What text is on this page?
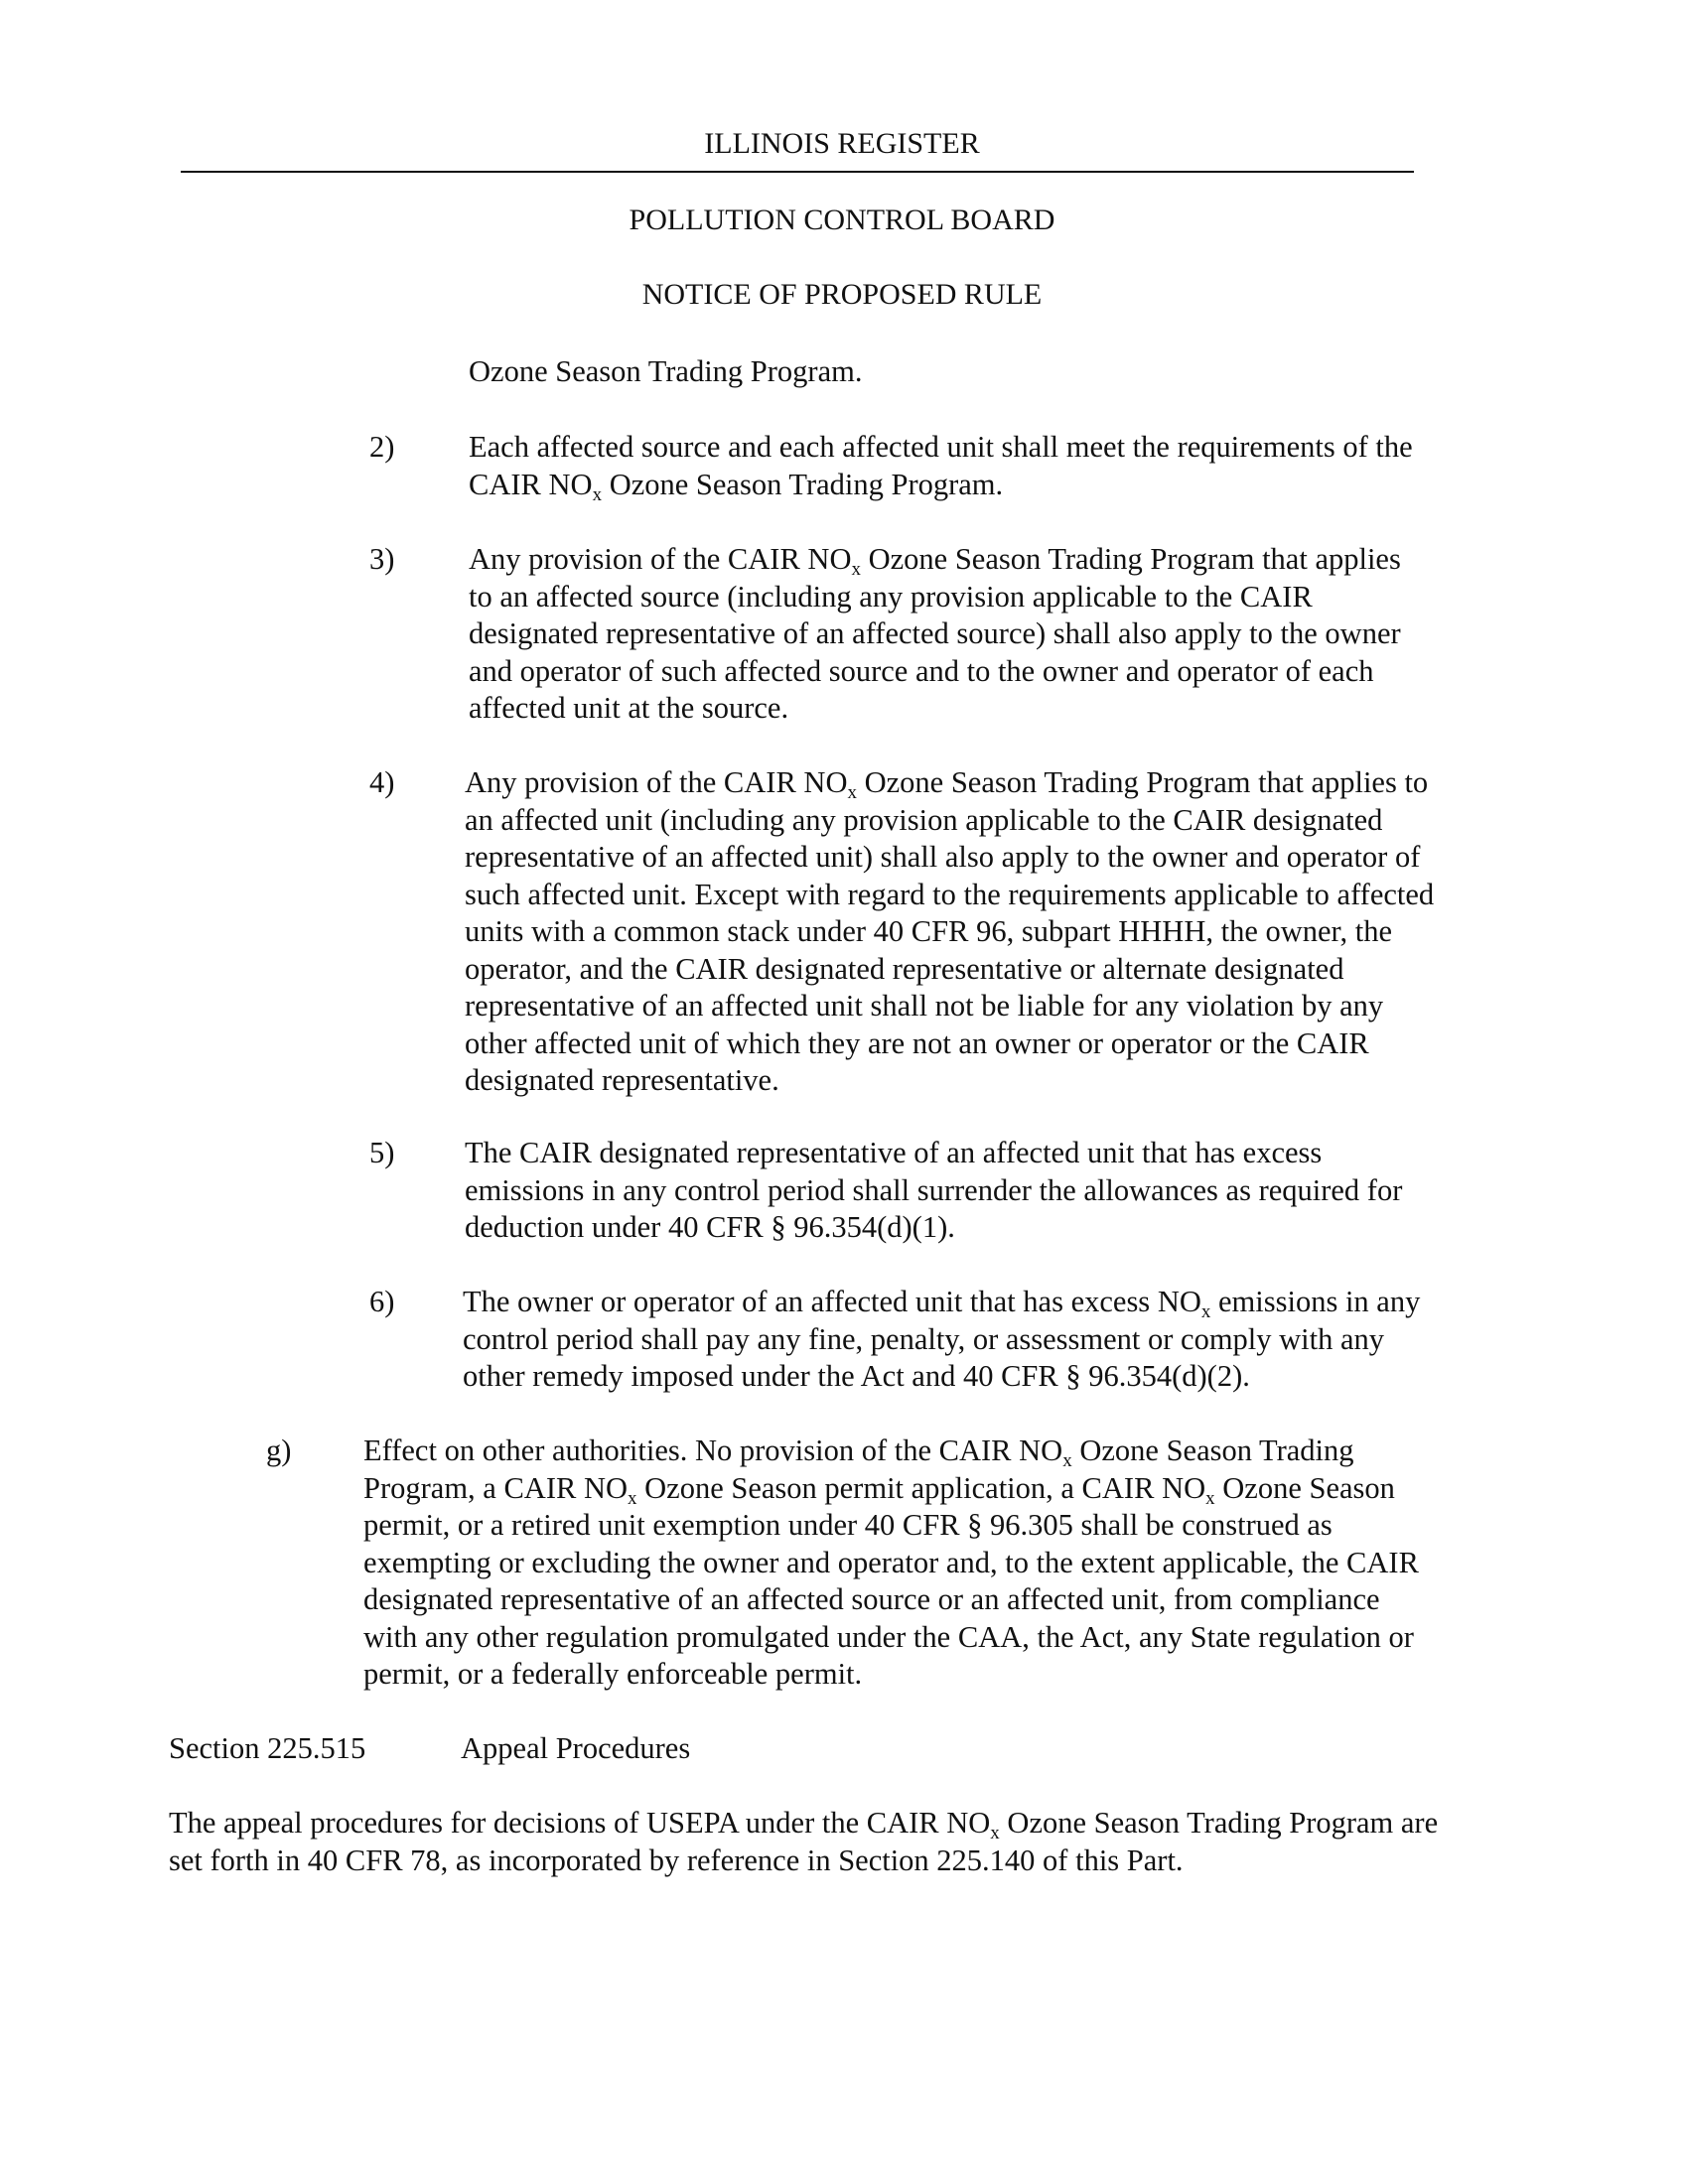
ILLINOIS REGISTER
POLLUTION CONTROL BOARD
NOTICE OF PROPOSED RULE

Ozone Season Trading Program.

2) Each affected source and each affected unit shall meet the requirements of the CAIR $NO_x$ Ozone Season Trading Program.

3) Any provision of the CAIR $NO_x$ Ozone Season Trading Program that applies to an affected source (including any provision applicable to the CAIR designated representative of an affected source) shall also apply to the owner and operator of such affected source and to the owner and operator of each affected unit at the source.

4) Any provision of the CAIR $NO_x$ Ozone Season Trading Program that applies to an affected unit (including any provision applicable to the CAIR designated representative of an affected unit) shall also apply to the owner and operator of such affected unit. Except with regard to the requirements applicable to affected units with a common stack under 40 CFR 96, subpart HHHH, the owner, the operator, and the CAIR designated representative or alternate designated representative of an affected unit shall not be liable for any violation by any other affected unit of which they are not an owner or operator or the CAIR designated representative.

5) The CAIR designated representative of an affected unit that has excess emissions in any control period shall surrender the allowances as required for deduction under 40 CFR § 96.354(d)(1).

6) The owner or operator of an affected unit that has excess $NO_x$ emissions in any control period shall pay any fine, penalty, or assessment or comply with any other remedy imposed under the Act and 40 CFR § 96.354(d)(2).

g) Effect on other authorities. No provision of the CAIR $NO_x$ Ozone Season Trading Program, a CAIR $NO_x$ Ozone Season permit application, a CAIR $NO_x$ Ozone Season permit, or a retired unit exemption under 40 CFR § 96.305 shall be construed as exempting or excluding the owner and operator and, to the extent applicable, the CAIR designated representative of an affected source or an affected unit, from compliance with any other regulation promulgated under the CAA, the Act, any State regulation or permit, or a federally enforceable permit.

Section 225.515	Appeal Procedures

The appeal procedures for decisions of USEPA under the CAIR $NO_x$ Ozone Season Trading Program are set forth in 40 CFR 78, as incorporated by reference in Section 225.140 of this Part.
